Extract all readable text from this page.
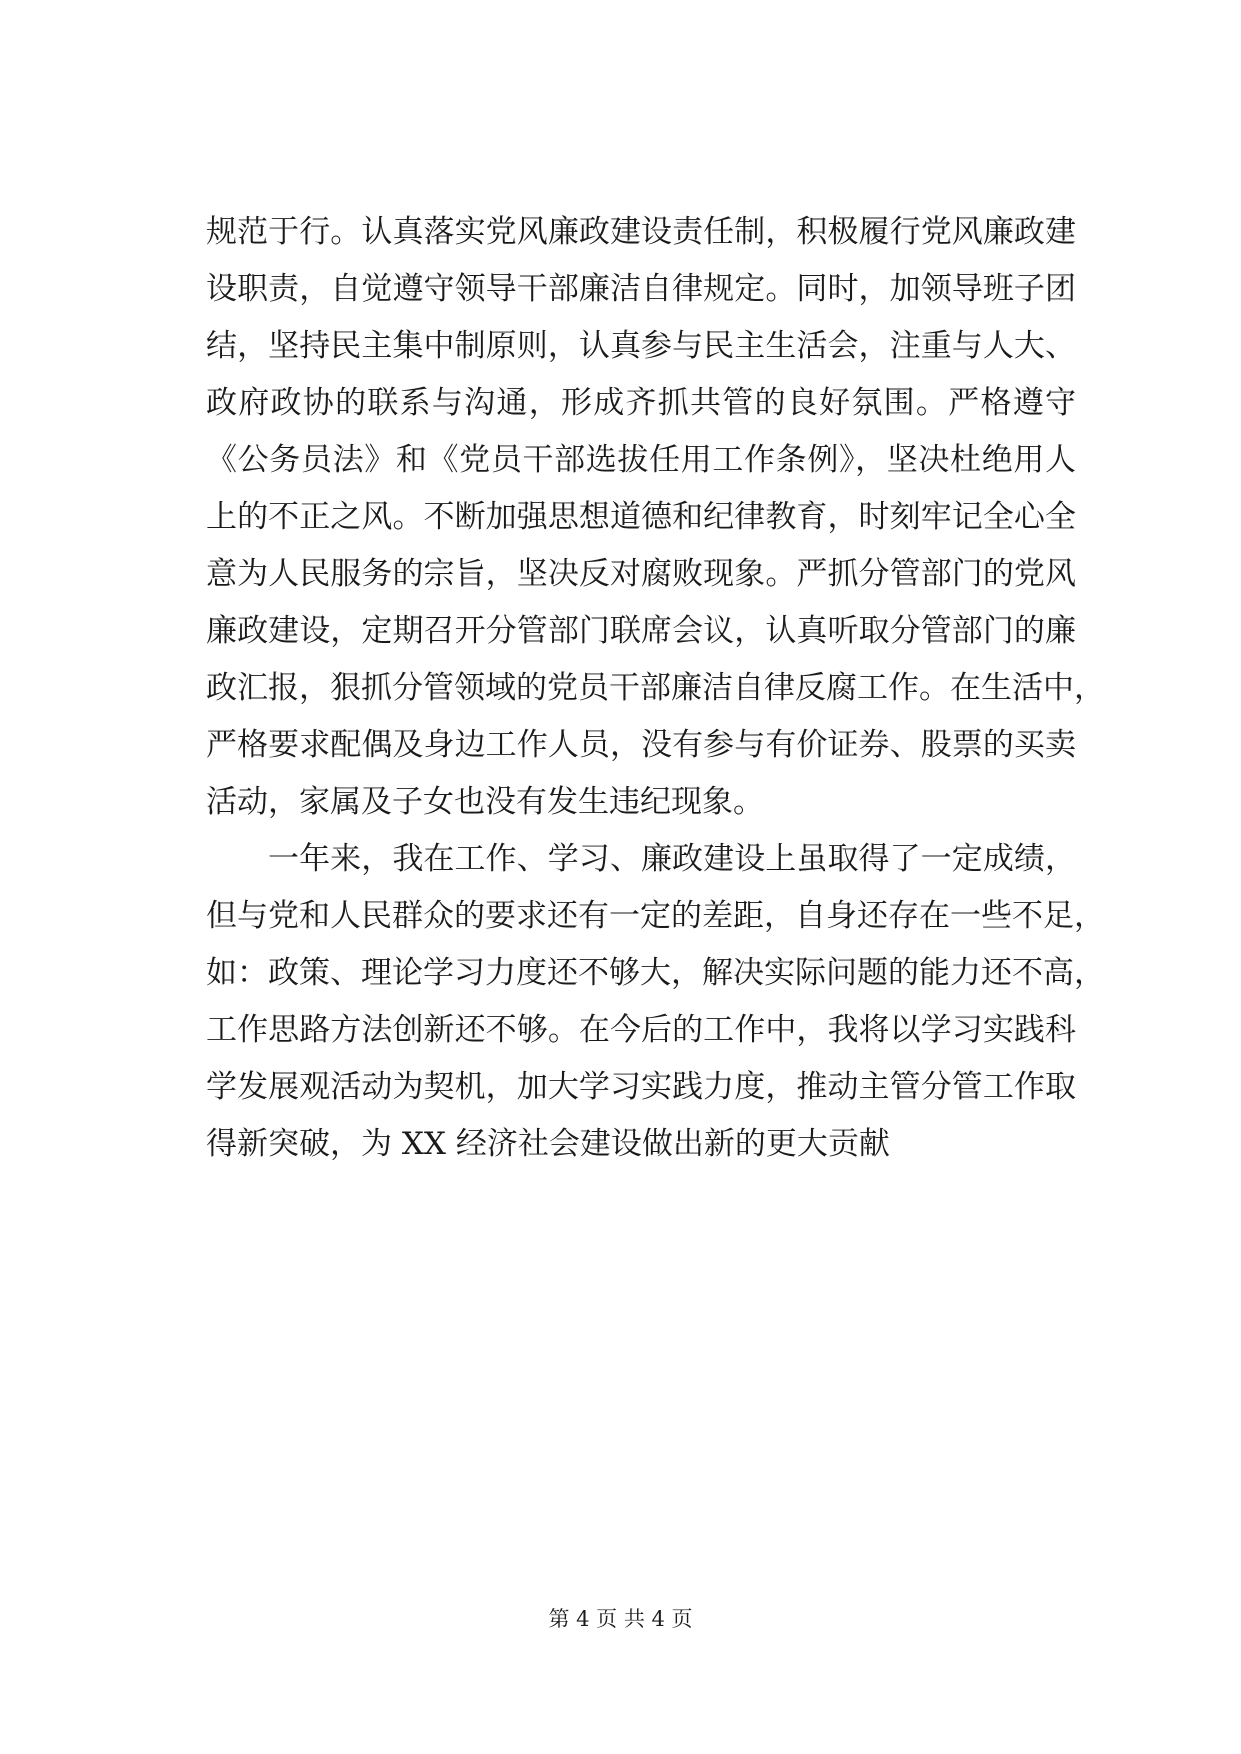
规范于行。认真落实党风廉政建设责任制，积极履行党风廉政建
设职责，自觉遵守领导干部廉洁自律规定。同时，加领导班子团
结，坚持民主集中制原则，认真参与民主生活会，注重与人大、
政府政协的联系与沟通，形成齐抓共管的良好氛围。严格遵守
《公务员法》和《党员干部选拔任用工作条例》，坚决杜绝用人
上的不正之风。不断加强思想道德和纪律教育，时刻牢记全心全
意为人民服务的宗旨，坚决反对腐败现象。严抓分管部门的党风
廉政建设，定期召开分管部门联席会议，认真听取分管部门的廉
政汇报，狠抓分管领域的党员干部廉洁自律反腐工作。在生活中，
严格要求配偶及身边工作人员，没有参与有价证券、股票的买卖
活动，家属及子女也没有发生违纪现象。
一年来，我在工作、学习、廉政建设上虽取得了一定成绩，
但与党和人民群众的要求还有一定的差距，自身还存在一些不足，
如：政策、理论学习力度还不够大，解决实际问题的能力还不高，
工作思路方法创新还不够。在今后的工作中，我将以学习实践科
学发展观活动为契机，加大学习实践力度，推动主管分管工作取
得新突破，为 XX 经济社会建设做出新的更大贡献
第 4 页 共 4 页
